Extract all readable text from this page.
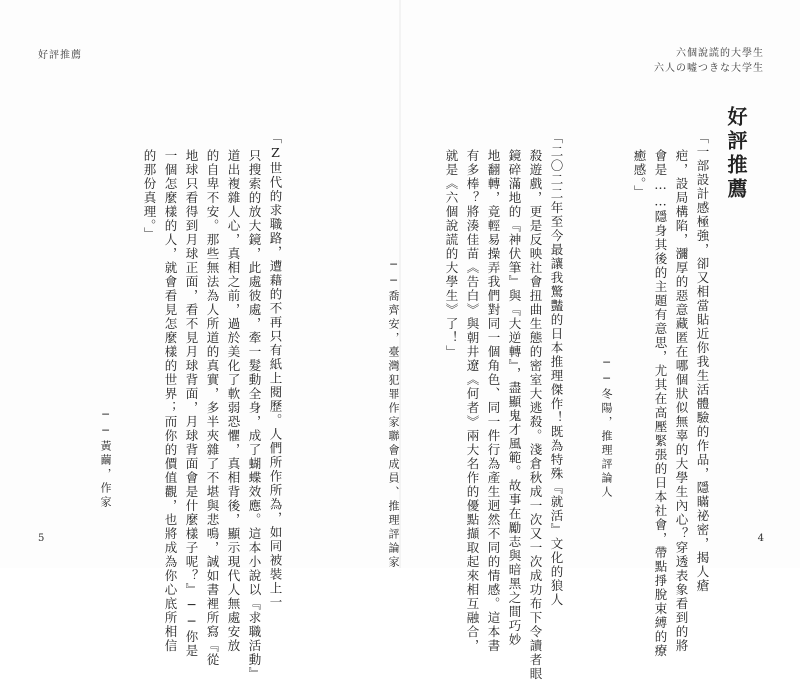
好評推薦
「Z世代的求職路，遭藉的不再只有紙上閱歷。人們所作所為，如同被裝上一
只搜索的放大鏡，此處彼處，牽一髮動全身，成了蝴蝶效應。這本小說以『求職活動』
道出複雜人心，真相之前，過於美化了軟弱恐懼，真相背後，顯示現代人無處安放
的自卑不安。那些無法為人所道的真實，多半夾雜了不堪與悲鳴，誠如書裡所寫『從
地球只看得到月球正面，看不見月球背面，月球背面會是什麼樣子呢？』──你是
一個怎麼樣的人，就會看見怎麼樣的世界；而你的價值觀，也將成為你心底所相信
的那份真理。」
──黃繭，作家
5
六個說謊的大學生
六人の嘘つきな大学生
好評推薦
「一部設計感極強，卻又相當貼近你我生活體驗的作品，隱瞞祕密，揭人瘡
疤，設局構陷，瀰厚的惡意藏匿在哪個狀似無辜的大學生內心？穿透表象看到的將
會是……隱身其後的主題有意思，尤其在高壓緊張的日本社會，帶點掙脫束縛的療
癒感。」
──冬陽，推理評論人
「二〇二二年至今最讓我驚豔的日本推理傑作！既為特殊『就活』文化的狼人
殺遊戲，更是反映社會扭曲生態的密室大逃殺。淺倉秋成一次又一次成功布下令讀者眼
鏡碎滿地的『神伏筆』與『大逆轉』，盡顯鬼才風範。故事在勵志與暗黑之間巧妙
地翻轉，竟輕易操弄我們對同一個角色、同一件行為產生迥然不同的情感。這本書
有多棒？將湊佳苗《告白》與朝井遼《何者》兩大名作的優點擷取起來相互融合，
就是《六個說謊的大學生》了！」
4
──喬齊安，臺灣犯罪作家聯會成員、推理評論家
